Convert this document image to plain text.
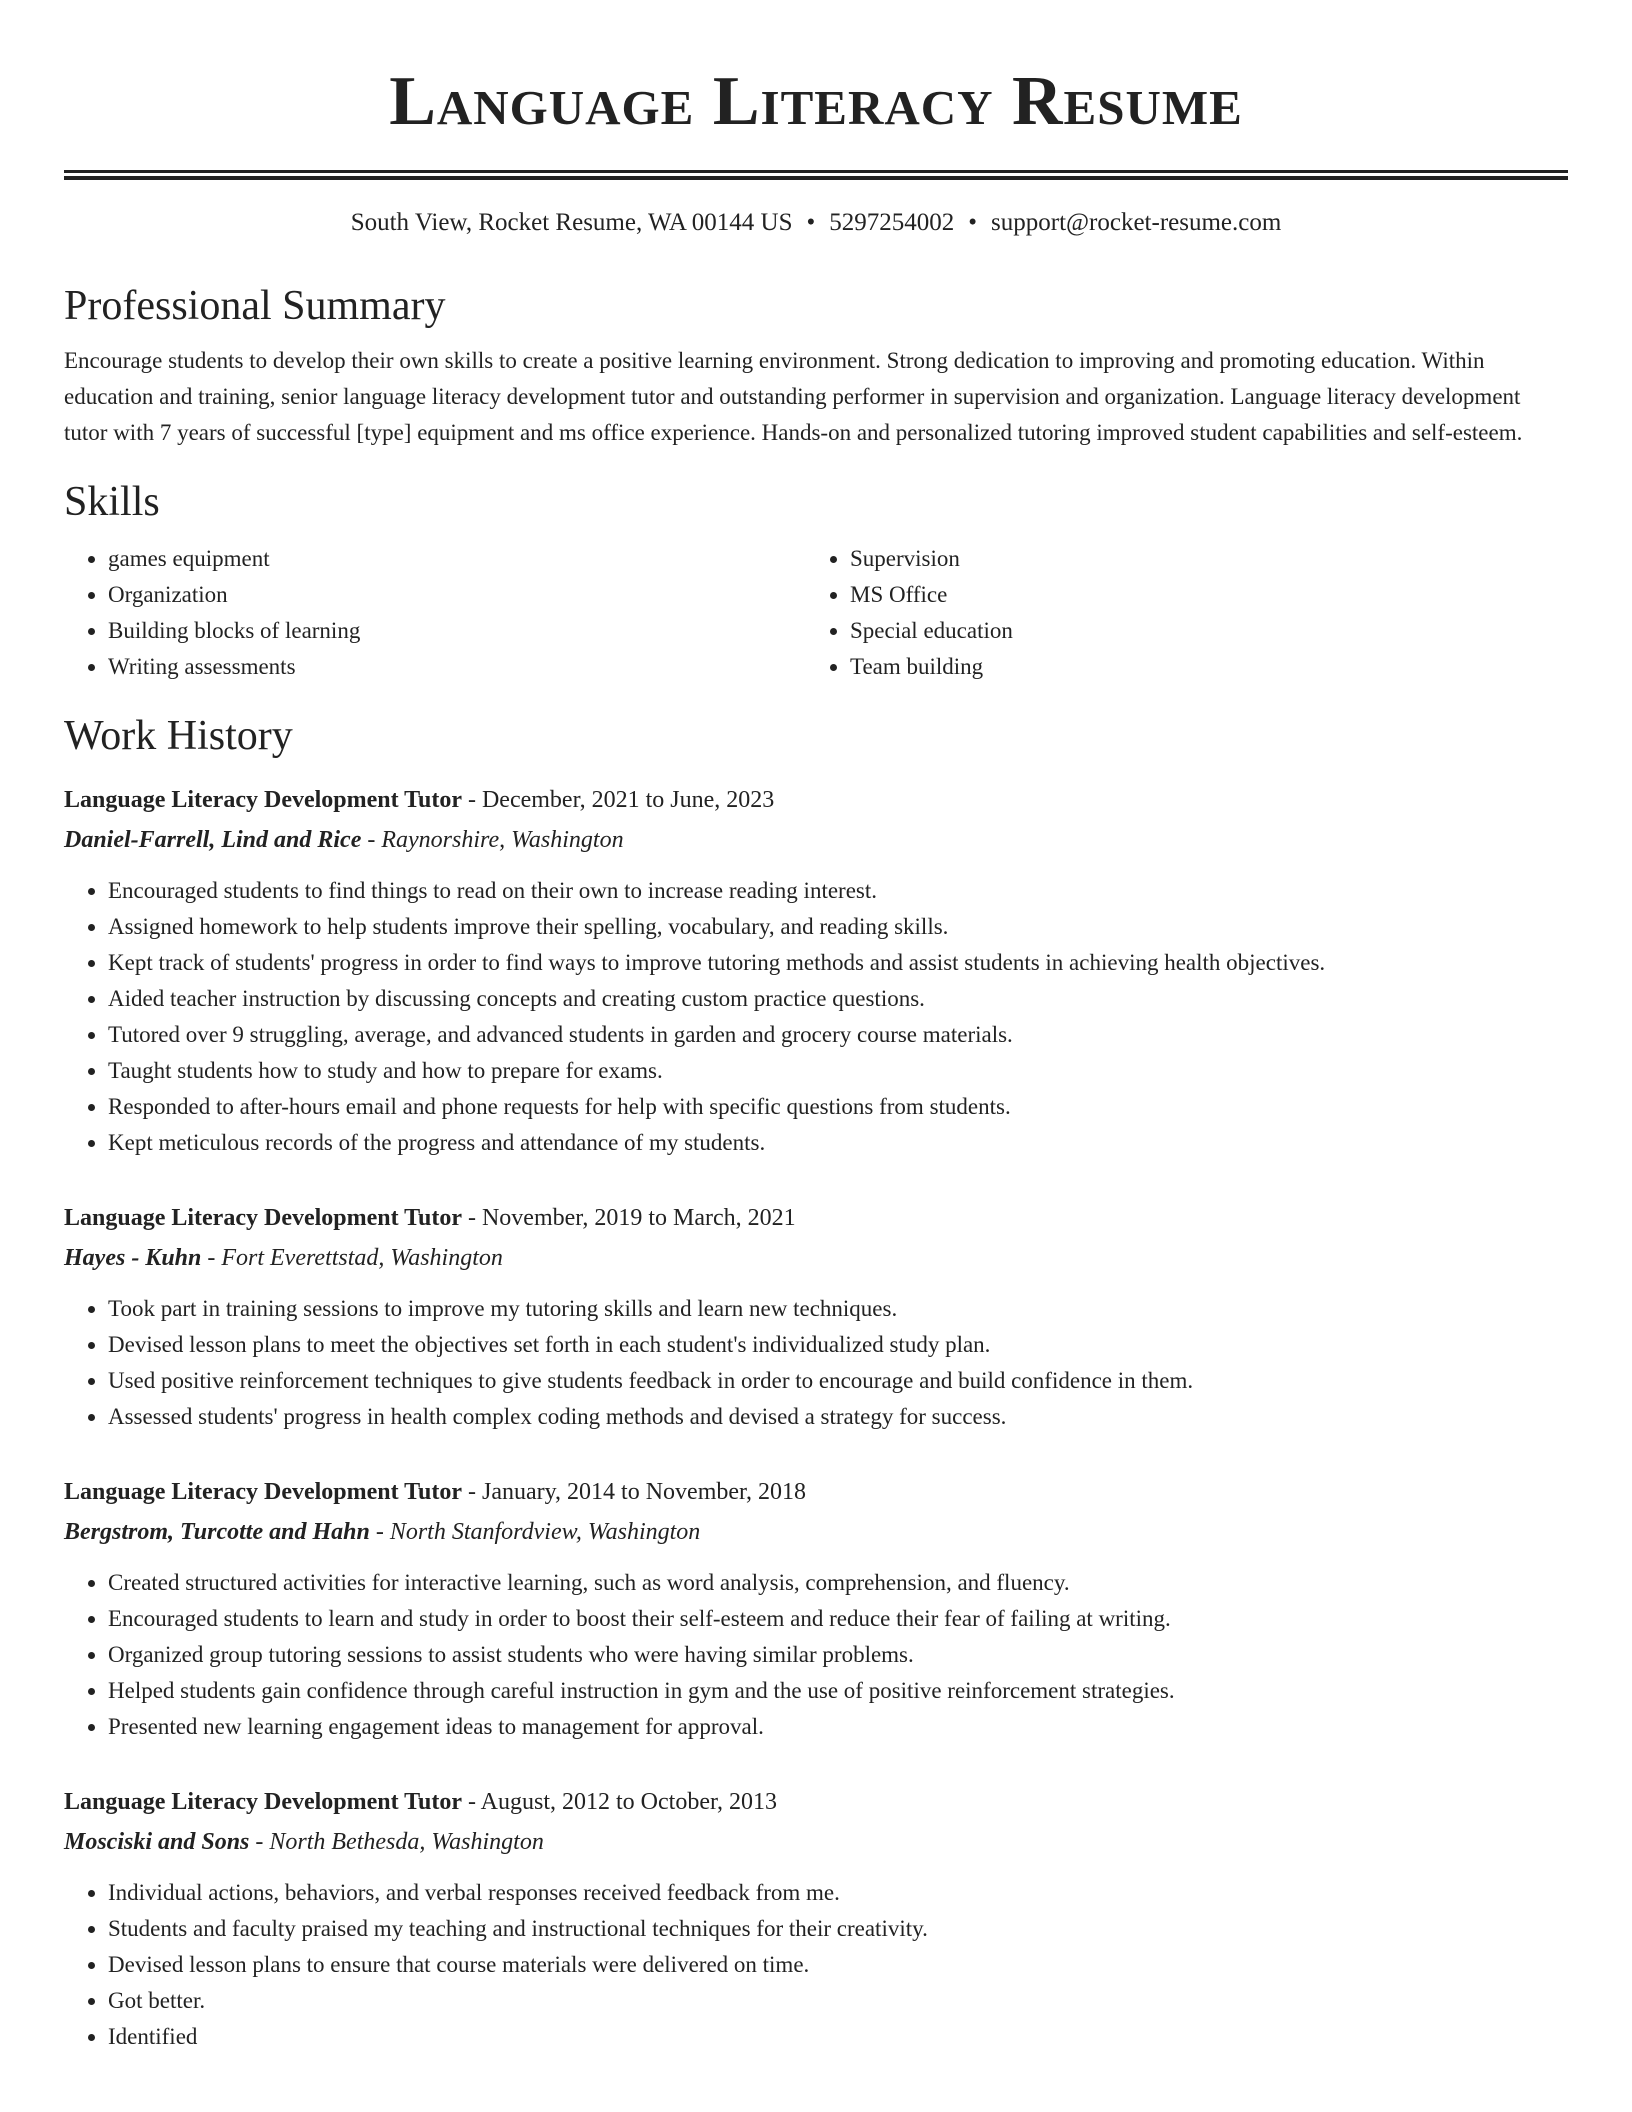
Language Literacy Resume
South View, Rocket Resume, WA 00144 US • 5297254002 • support@rocket-resume.com
Professional Summary
Encourage students to develop their own skills to create a positive learning environment. Strong dedication to improving and promoting education. Within education and training, senior language literacy development tutor and outstanding performer in supervision and organization. Language literacy development tutor with 7 years of successful [type] equipment and ms office experience. Hands-on and personalized tutoring improved student capabilities and self-esteem.
Skills
• games equipment
• Organization
• Building blocks of learning
• Writing assessments
• Supervision
• MS Office
• Special education
• Team building
Work History
Language Literacy Development Tutor - December, 2021 to June, 2023
Daniel-Farrell, Lind and Rice - Raynorshire, Washington
• Encouraged students to find things to read on their own to increase reading interest.
• Assigned homework to help students improve their spelling, vocabulary, and reading skills.
• Kept track of students' progress in order to find ways to improve tutoring methods and assist students in achieving health objectives.
• Aided teacher instruction by discussing concepts and creating custom practice questions.
• Tutored over 9 struggling, average, and advanced students in garden and grocery course materials.
• Taught students how to study and how to prepare for exams.
• Responded to after-hours email and phone requests for help with specific questions from students.
• Kept meticulous records of the progress and attendance of my students.
Language Literacy Development Tutor - November, 2019 to March, 2021
Hayes - Kuhn - Fort Everettstad, Washington
• Took part in training sessions to improve my tutoring skills and learn new techniques.
• Devised lesson plans to meet the objectives set forth in each student's individualized study plan.
• Used positive reinforcement techniques to give students feedback in order to encourage and build confidence in them.
• Assessed students' progress in health complex coding methods and devised a strategy for success.
Language Literacy Development Tutor - January, 2014 to November, 2018
Bergstrom, Turcotte and Hahn - North Stanfordview, Washington
• Created structured activities for interactive learning, such as word analysis, comprehension, and fluency.
• Encouraged students to learn and study in order to boost their self-esteem and reduce their fear of failing at writing.
• Organized group tutoring sessions to assist students who were having similar problems.
• Helped students gain confidence through careful instruction in gym and the use of positive reinforcement strategies.
• Presented new learning engagement ideas to management for approval.
Language Literacy Development Tutor - August, 2012 to October, 2013
Mosciski and Sons - North Bethesda, Washington
• Individual actions, behaviors, and verbal responses received feedback from me.
• Students and faculty praised my teaching and instructional techniques for their creativity.
• Devised lesson plans to ensure that course materials were delivered on time.
• Got better.
• Identified
